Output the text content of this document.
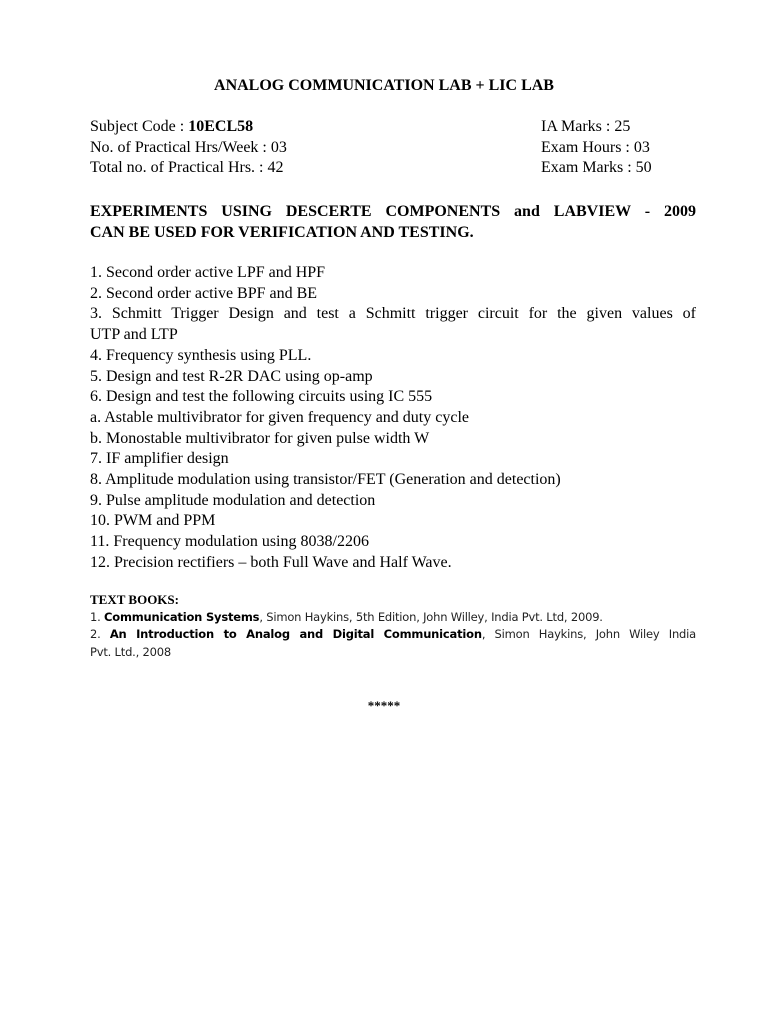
ANALOG COMMUNICATION LAB + LIC LAB
Subject Code : 10ECL58	IA Marks : 25
No. of Practical Hrs/Week : 03	Exam Hours : 03
Total no. of Practical Hrs. : 42	Exam Marks : 50
EXPERIMENTS USING DESCERTE COMPONENTS and LABVIEW - 2009
CAN BE USED FOR VERIFICATION AND TESTING.
1. Second order active LPF and HPF
2. Second order active BPF and BE
3. Schmitt Trigger Design and test a Schmitt trigger circuit for the given values of
UTP and LTP
4. Frequency synthesis using PLL.
5. Design and test R-2R DAC using op-amp
6. Design and test the following circuits using IC 555
a. Astable multivibrator for given frequency and duty cycle
b. Monostable multivibrator for given pulse width W
7. IF amplifier design
8. Amplitude modulation using transistor/FET (Generation and detection)
9. Pulse amplitude modulation and detection
10. PWM and PPM
11. Frequency modulation using 8038/2206
12. Precision rectifiers – both Full Wave and Half Wave.
TEXT BOOKS:
1. Communication Systems, Simon Haykins, 5th Edition, John Willey, India Pvt. Ltd, 2009.
2. An Introduction to Analog and Digital Communication, Simon Haykins, John Wiley India
Pvt. Ltd., 2008
*****
